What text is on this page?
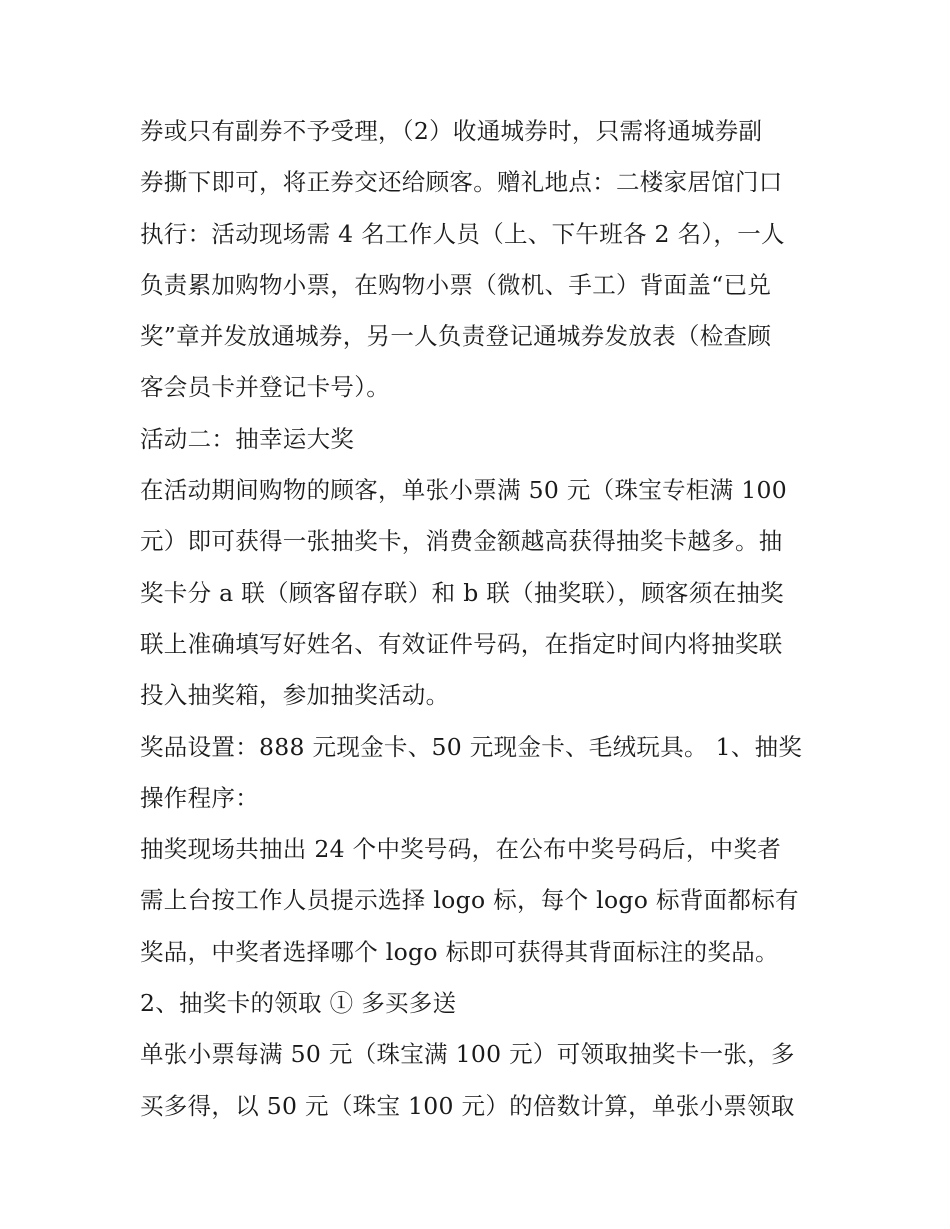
券或只有副券不予受理，（2）收通城券时，只需将通城券副
券撕下即可，将正券交还给顾客。赠礼地点：二楼家居馆门口
执行：活动现场需 4 名工作人员（上、下午班各 2 名），一人
负责累加购物小票，在购物小票（微机、手工）背面盖“已兑
奖”章并发放通城券，另一人负责登记通城券发放表（检查顾
客会员卡并登记卡号）。
活动二：抽幸运大奖
在活动期间购物的顾客，单张小票满 50 元（珠宝专柜满 100
元）即可获得一张抽奖卡，消费金额越高获得抽奖卡越多。抽
奖卡分 a 联（顾客留存联）和 b 联（抽奖联），顾客须在抽奖
联上准确填写好姓名、有效证件号码，在指定时间内将抽奖联
投入抽奖箱，参加抽奖活动。
奖品设置：888 元现金卡、50 元现金卡、毛绒玩具。 1、抽奖
操作程序：
抽奖现场共抽出 24 个中奖号码，在公布中奖号码后，中奖者
需上台按工作人员提示选择 logo 标，每个 logo 标背面都标有
奖品，中奖者选择哪个 logo 标即可获得其背面标注的奖品。
2、抽奖卡的领取 ① 多买多送
单张小票每满 50 元（珠宝满 100 元）可领取抽奖卡一张，多
买多得，以 50 元（珠宝 100 元）的倍数计算，单张小票领取
